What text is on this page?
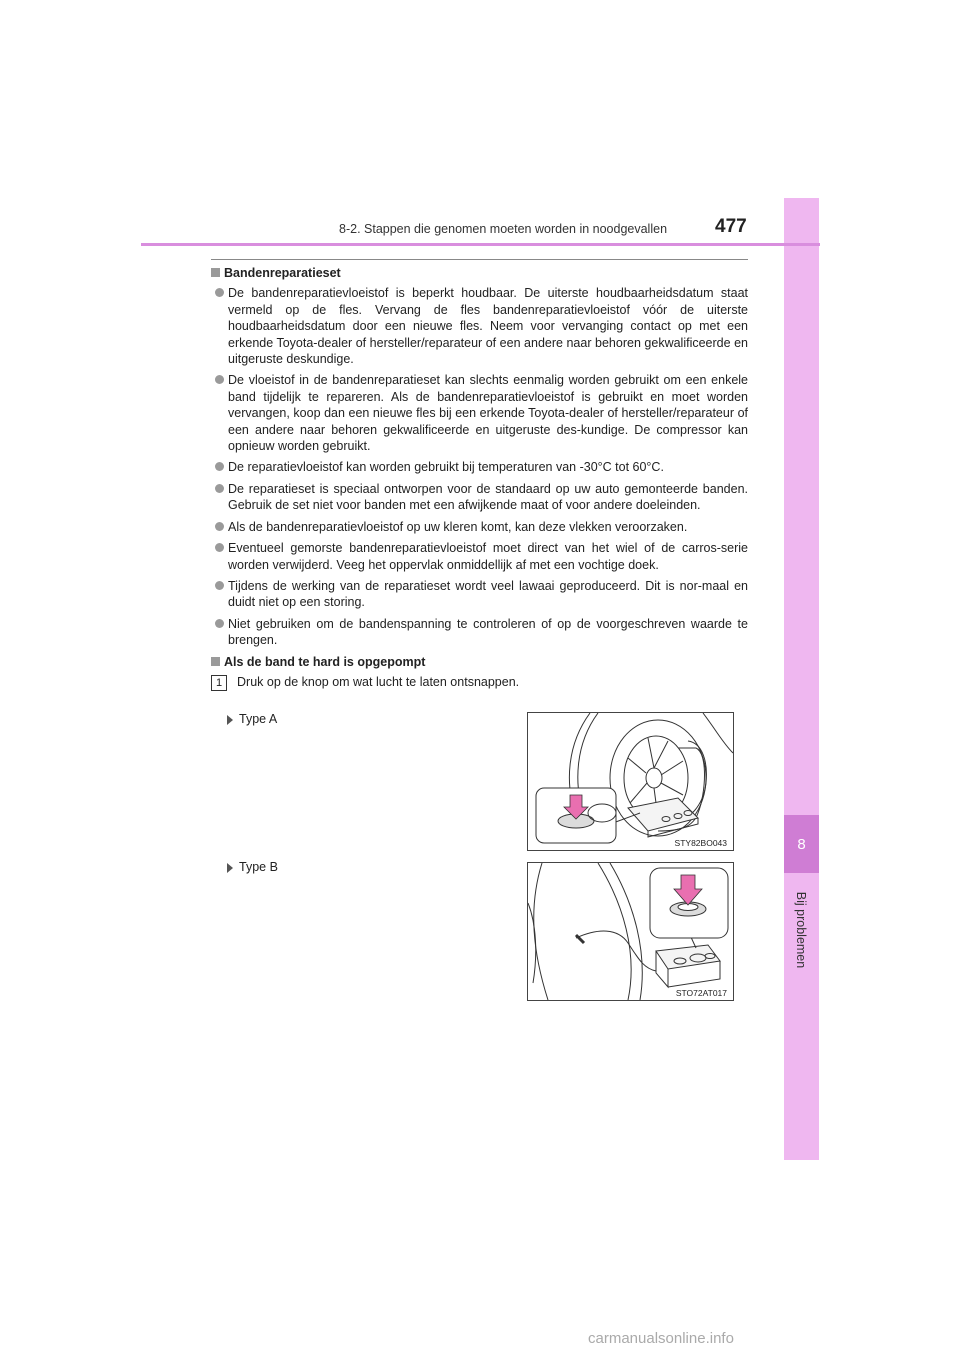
8
Bij problemen
8-2. Stappen die genomen moeten worden in noodgevallen	477
Bandenreparatieset
De bandenreparatievloeistof is beperkt houdbaar. De uiterste houdbaarheidsdatum staat vermeld op de fles. Vervang de fles bandenreparatievloeistof vóór de uiterste houdbaarheidsdatum door een nieuwe fles. Neem voor vervanging contact op met een erkende Toyota-dealer of hersteller/reparateur of een andere naar behoren gekwalificeerde en uitgeruste deskundige.
De vloeistof in de bandenreparatieset kan slechts eenmalig worden gebruikt om een enkele band tijdelijk te repareren. Als de bandenreparatievloeistof is gebruikt en moet worden vervangen, koop dan een nieuwe fles bij een erkende Toyota-dealer of hersteller/reparateur of een andere naar behoren gekwalificeerde en uitgeruste des-kundige. De compressor kan opnieuw worden gebruikt.
De reparatievloeistof kan worden gebruikt bij temperaturen van -30°C tot 60°C.
De reparatieset is speciaal ontworpen voor de standaard op uw auto gemonteerde banden. Gebruik de set niet voor banden met een afwijkende maat of voor andere doeleinden.
Als de bandenreparatievloeistof op uw kleren komt, kan deze vlekken veroorzaken.
Eventueel gemorste bandenreparatievloeistof moet direct van het wiel of de carros-serie worden verwijderd. Veeg het oppervlak onmiddellijk af met een vochtige doek.
Tijdens de werking van de reparatieset wordt veel lawaai geproduceerd. Dit is nor-maal en duidt niet op een storing.
Niet gebruiken om de bandenspanning te controleren of op de voorgeschreven waarde te brengen.
Als de band te hard is opgepompt
1	Druk op de knop om wat lucht te laten ontsnappen.
Type A
Type B
STY82BO043
STO72AT017
carmanualsonline.info
